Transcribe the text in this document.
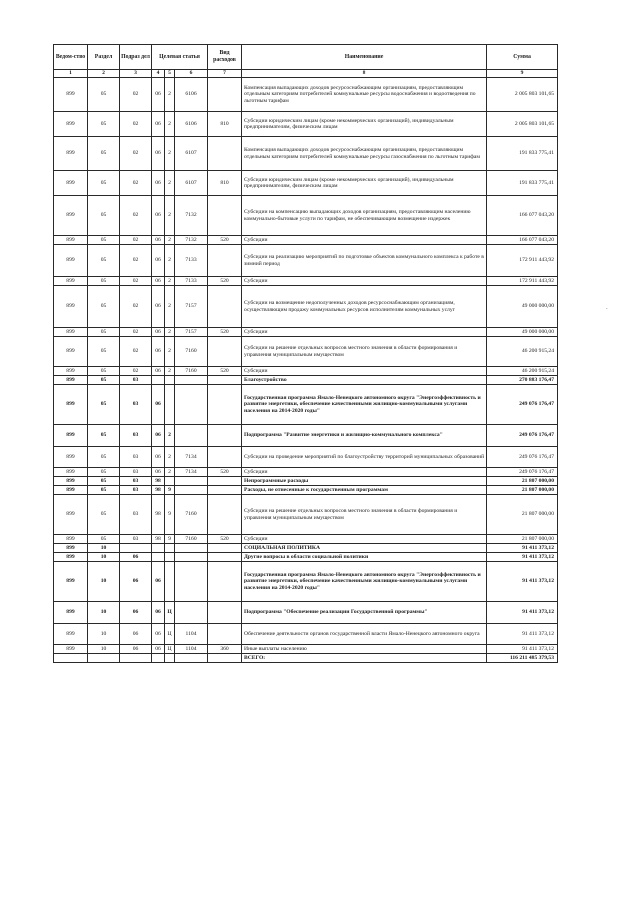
Ведом-ство	Раздел	Подраз дел	Целевая статья			Вид расходов	Наименование	Сумма
1	2	3	4	5	6	7	8	9
899	05	02	06	2	6106		Компенсация выпадающих доходов ресурсоснабжающим организациям, предоставляющим отдельным категориям потребителей коммунальные ресурсы водоснабжения и водоотведения по льготным тарифам	2 005 803 101,65
899	05	02	06	2	6106	810	Субсидии юридическим лицам (кроме некоммерческих организаций), индивидуальным предпринимателям, физическим лицам	2 005 803 101,65
899	05	02	06	2	6107		Компенсация выпадающих доходов ресурсоснабжающим организациям, предоставляющим отдельным категориям потребителей коммунальные ресурсы газоснабжения по льготным тарифам	191 833 775,41
899	05	02	06	2	6107	810	Субсидии юридическим лицам (кроме некоммерческих организаций), индивидуальным предпринимателям, физическим лицам	191 833 775,41
899	05	02	06	2	7132		Субсидии на компенсацию выпадающих доходов организациям, предоставляющим населению коммунально-бытовые услуги по тарифам, не обеспечивающим возмещение издержек	166 077 043,20
899	05	02	06	2	7132	520	Субсидии	166 077 043,20
899	05	02	06	2	7133		Субсидии на реализацию мероприятий по подготовке объектов коммунального комплекса к работе в зимний период	172 911 443,92
899	05	02	06	2	7133	520	Субсидии	172 911 443,92
899	05	02	06	2	7157		Субсидии на возмещение недополученных доходов ресурсоснабжающим организациям, осуществляющим продажу коммунальных ресурсов исполнителям коммунальных услуг	49 000 000,00
899	05	02	06	2	7157	520	Субсидии	49 000 000,00
899	05	02	06	2	7160		Субсидии на решение отдельных вопросов местного значения в области формирования и управления муниципальным имуществом	46 200 915,24
899	05	02	06	2	7160	520	Субсидии	46 200 915,24
899	05	03					Благоустройство	270 883 176,47
899	05	03	06				Государственная программа Ямало-Ненецкого автономного округа "Энергоэффективность и развитие энергетики, обеспечение качественными жилищно-коммунальными услугами населения на 2014-2020 годы"	249 076 176,47
899	05	03	06	2			Подпрограмма "Развитие энергетики и жилищно-коммунального комплекса"	249 076 176,47
899	05	03	06	2	7134		Субсидии на проведение мероприятий по благоустройству территорий муниципальных образований	249 076 176,47
899	05	03	06	2	7134	520	Субсидии	249 076 176,47
899	05	03	98				Непрограммные расходы	21 807 000,00
899	05	03	98	9			Расходы, не отнесенные к государственным программам	21 807 000,00
899	05	03	98	9	7160		Субсидии на решение отдельных вопросов местного значения в области формирования и управления муниципальным имуществом	21 807 000,00
899	05	03	98	9	7160	520	Субсидии	21 807 000,00
899	10						СОЦИАЛЬНАЯ ПОЛИТИКА	91 411 373,12
899	10	06					Другие вопросы в области социальной политики	91 411 373,12
899	10	06	06				Государственная программа Ямало-Ненецкого автономного округа "Энергоэффективность и развитие энергетики, обеспечение качественными жилищно-коммунальными услугами населения на 2014-2020 годы"	91 411 373,12
899	10	06	06	Ц			Подпрограмма "Обеспечение реализации Государственной программы"	91 411 373,12
899	10	06	06	Ц	1104		Обеспечение деятельности органов государственной власти Ямало-Ненецкого автономного округа	91 411 373,12
899	10	06	06	Ц	1104	360	Иные выплаты населению	91 411 373,12
							ВСЕГО:	116 211 485 379,53
.
